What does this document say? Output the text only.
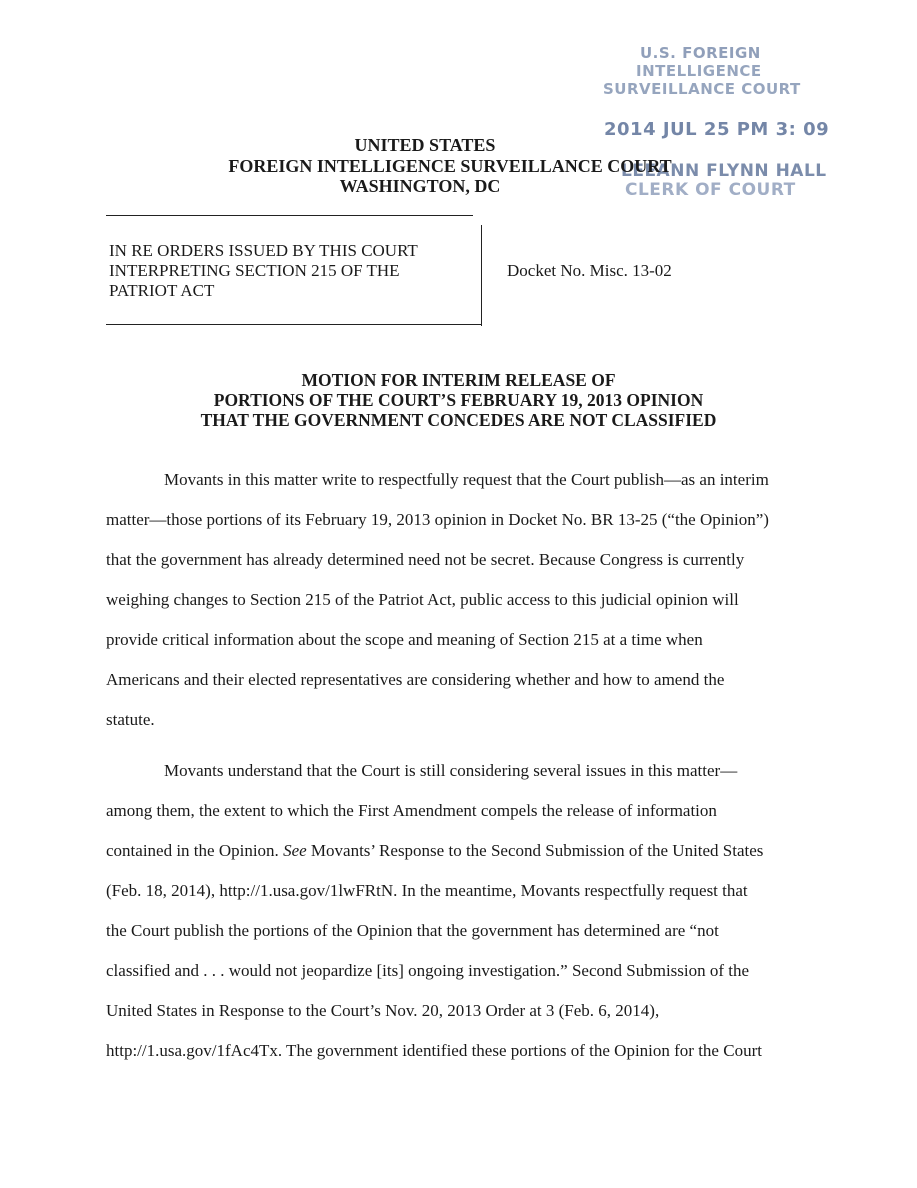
U.S. FOREIGN
INTELLIGENCE
SURVEILLANCE COURT
2014 JUL 25 PM 3: 09
LEEANN FLYNN HALL
CLERK OF COURT
UNITED STATES
FOREIGN INTELLIGENCE SURVEILLANCE COURT
WASHINGTON, DC
IN RE ORDERS ISSUED BY THIS COURT
INTERPRETING SECTION 215 OF THE
PATRIOT ACT
Docket No. Misc. 13-02
MOTION FOR INTERIM RELEASE OF
PORTIONS OF THE COURT’S FEBRUARY 19, 2013 OPINION
THAT THE GOVERNMENT CONCEDES ARE NOT CLASSIFIED
Movants in this matter write to respectfully request that the Court publish—as an interim
matter—those portions of its February 19, 2013 opinion in Docket No. BR 13-25 (“the Opinion”)
that the government has already determined need not be secret. Because Congress is currently
weighing changes to Section 215 of the Patriot Act, public access to this judicial opinion will
provide critical information about the scope and meaning of Section 215 at a time when
Americans and their elected representatives are considering whether and how to amend the
statute.
Movants understand that the Court is still considering several issues in this matter—
among them, the extent to which the First Amendment compels the release of information
contained in the Opinion. See Movants’ Response to the Second Submission of the United States
(Feb. 18, 2014), http://1.usa.gov/1lwFRtN. In the meantime, Movants respectfully request that
the Court publish the portions of the Opinion that the government has determined are “not
classified and . . . would not jeopardize [its] ongoing investigation.” Second Submission of the
United States in Response to the Court’s Nov. 20, 2013 Order at 3 (Feb. 6, 2014),
http://1.usa.gov/1fAc4Tx. The government identified these portions of the Opinion for the Court
